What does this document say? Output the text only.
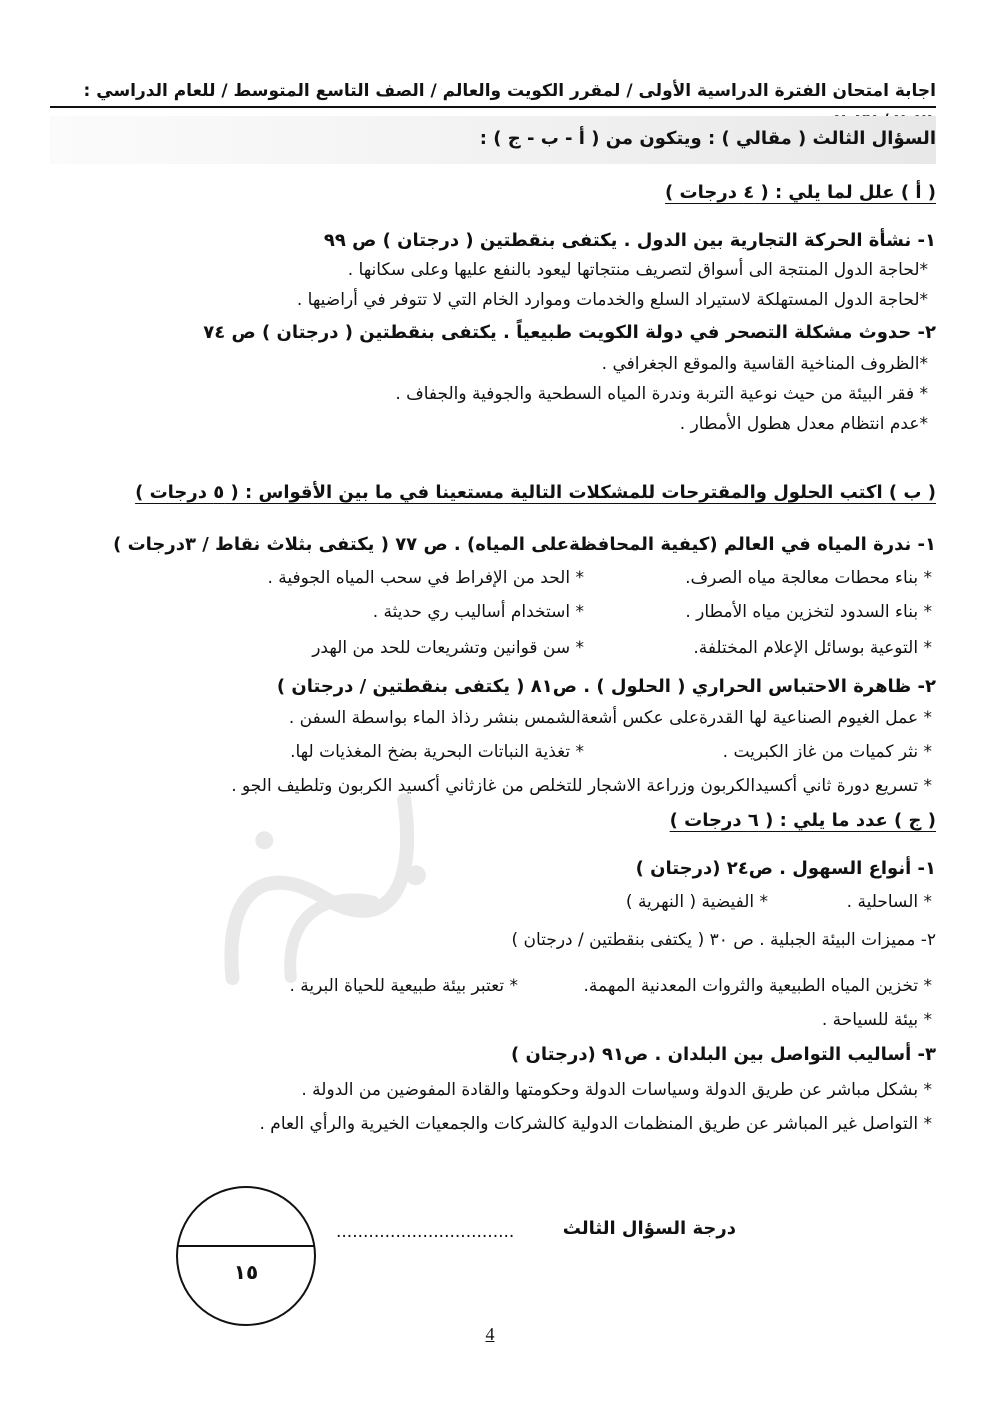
اجابة امتحان الفترة الدراسية الأولى / لمقرر الكويت والعالم / الصف التاسع المتوسط / للعام الدراسي :
السؤال الثالث ( مقالي ) : ويتكون من ( أ - ب - ج ) :
( أ ) علل لما يلي : ( ٤ درجات )
١- نشأة الحركة التجارية بين الدول . يكتفى بنقطتين ( درجتان ) ص ٩٩
*لحاجة الدول المنتجة الى أسواق لتصريف منتجاتها ليعود بالنفع عليها وعلى سكانها .
*لحاجة الدول المستهلكة لاستيراد السلع والخدمات وموارد الخام التي لا تتوفر في أراضيها .
٢- حدوث مشكلة التصحر في دولة الكويت طبيعياً . يكتفى بنقطتين ( درجتان ) ص ٧٤
*الظروف المناخية القاسية والموقع الجغرافي .
* فقر البيئة من حيث نوعية التربة وندرة المياه السطحية والجوفية والجفاف .
*عدم انتظام معدل هطول الأمطار .
( ب ) اكتب الحلول والمقترحات للمشكلات التالية مستعينا في ما بين الأقواس : ( ٥ درجات )
١- ندرة المياه في العالم (كيفية المحافظةعلى المياه) . ص ٧٧ ( يكتفى بثلاث نقاط / ٣درجات )
* بناء محطات معالجة مياه الصرف.
* الحد من الإفراط في سحب المياه الجوفية .
* بناء السدود لتخزين مياه الأمطار .
* استخدام أساليب ري حديثة .
* التوعية بوسائل الإعلام المختلفة.
* سن قوانين وتشريعات للحد من الهدر
٢- ظاهرة الاحتباس الحراري ( الحلول ) . ص٨١ ( يكتفى بنقطتين / درجتان )
* عمل الغيوم الصناعية لها القدرةعلى عكس أشعةالشمس بنشر رذاذ الماء بواسطة السفن .
* نثر كميات من غاز الكبريت .
* تغذية النباتات البحرية بضخ المغذيات لها.
* تسريع دورة ثاني أكسيدالكربون وزراعة الاشجار للتخلص من غازثاني أكسيد الكربون وتلطيف الجو .
( ج ) عدد ما يلي : ( ٦ درجات )
١- أنواع السهول . ص٢٤ (درجتان )
* الساحلية .
* الفيضية ( النهرية )
٢- مميزات البيئة الجبلية . ص ٣٠ ( يكتفى بنقطتين / درجتان )
* تخزين المياه الطبيعية والثروات المعدنية المهمة.
* تعتبر بيئة طبيعية للحياة البرية .
* بيئة للسياحة .
٣- أساليب التواصل بين البلدان . ص٩١ (درجتان )
* بشكل مباشر عن طريق الدولة وسياسات الدولة وحكومتها والقادة المفوضين من الدولة .
* التواصل غير المباشر عن طريق المنظمات الدولية كالشركات والجمعيات الخيرية والرأي العام .
درجة السؤال الثالث
.................................
١٥
4
